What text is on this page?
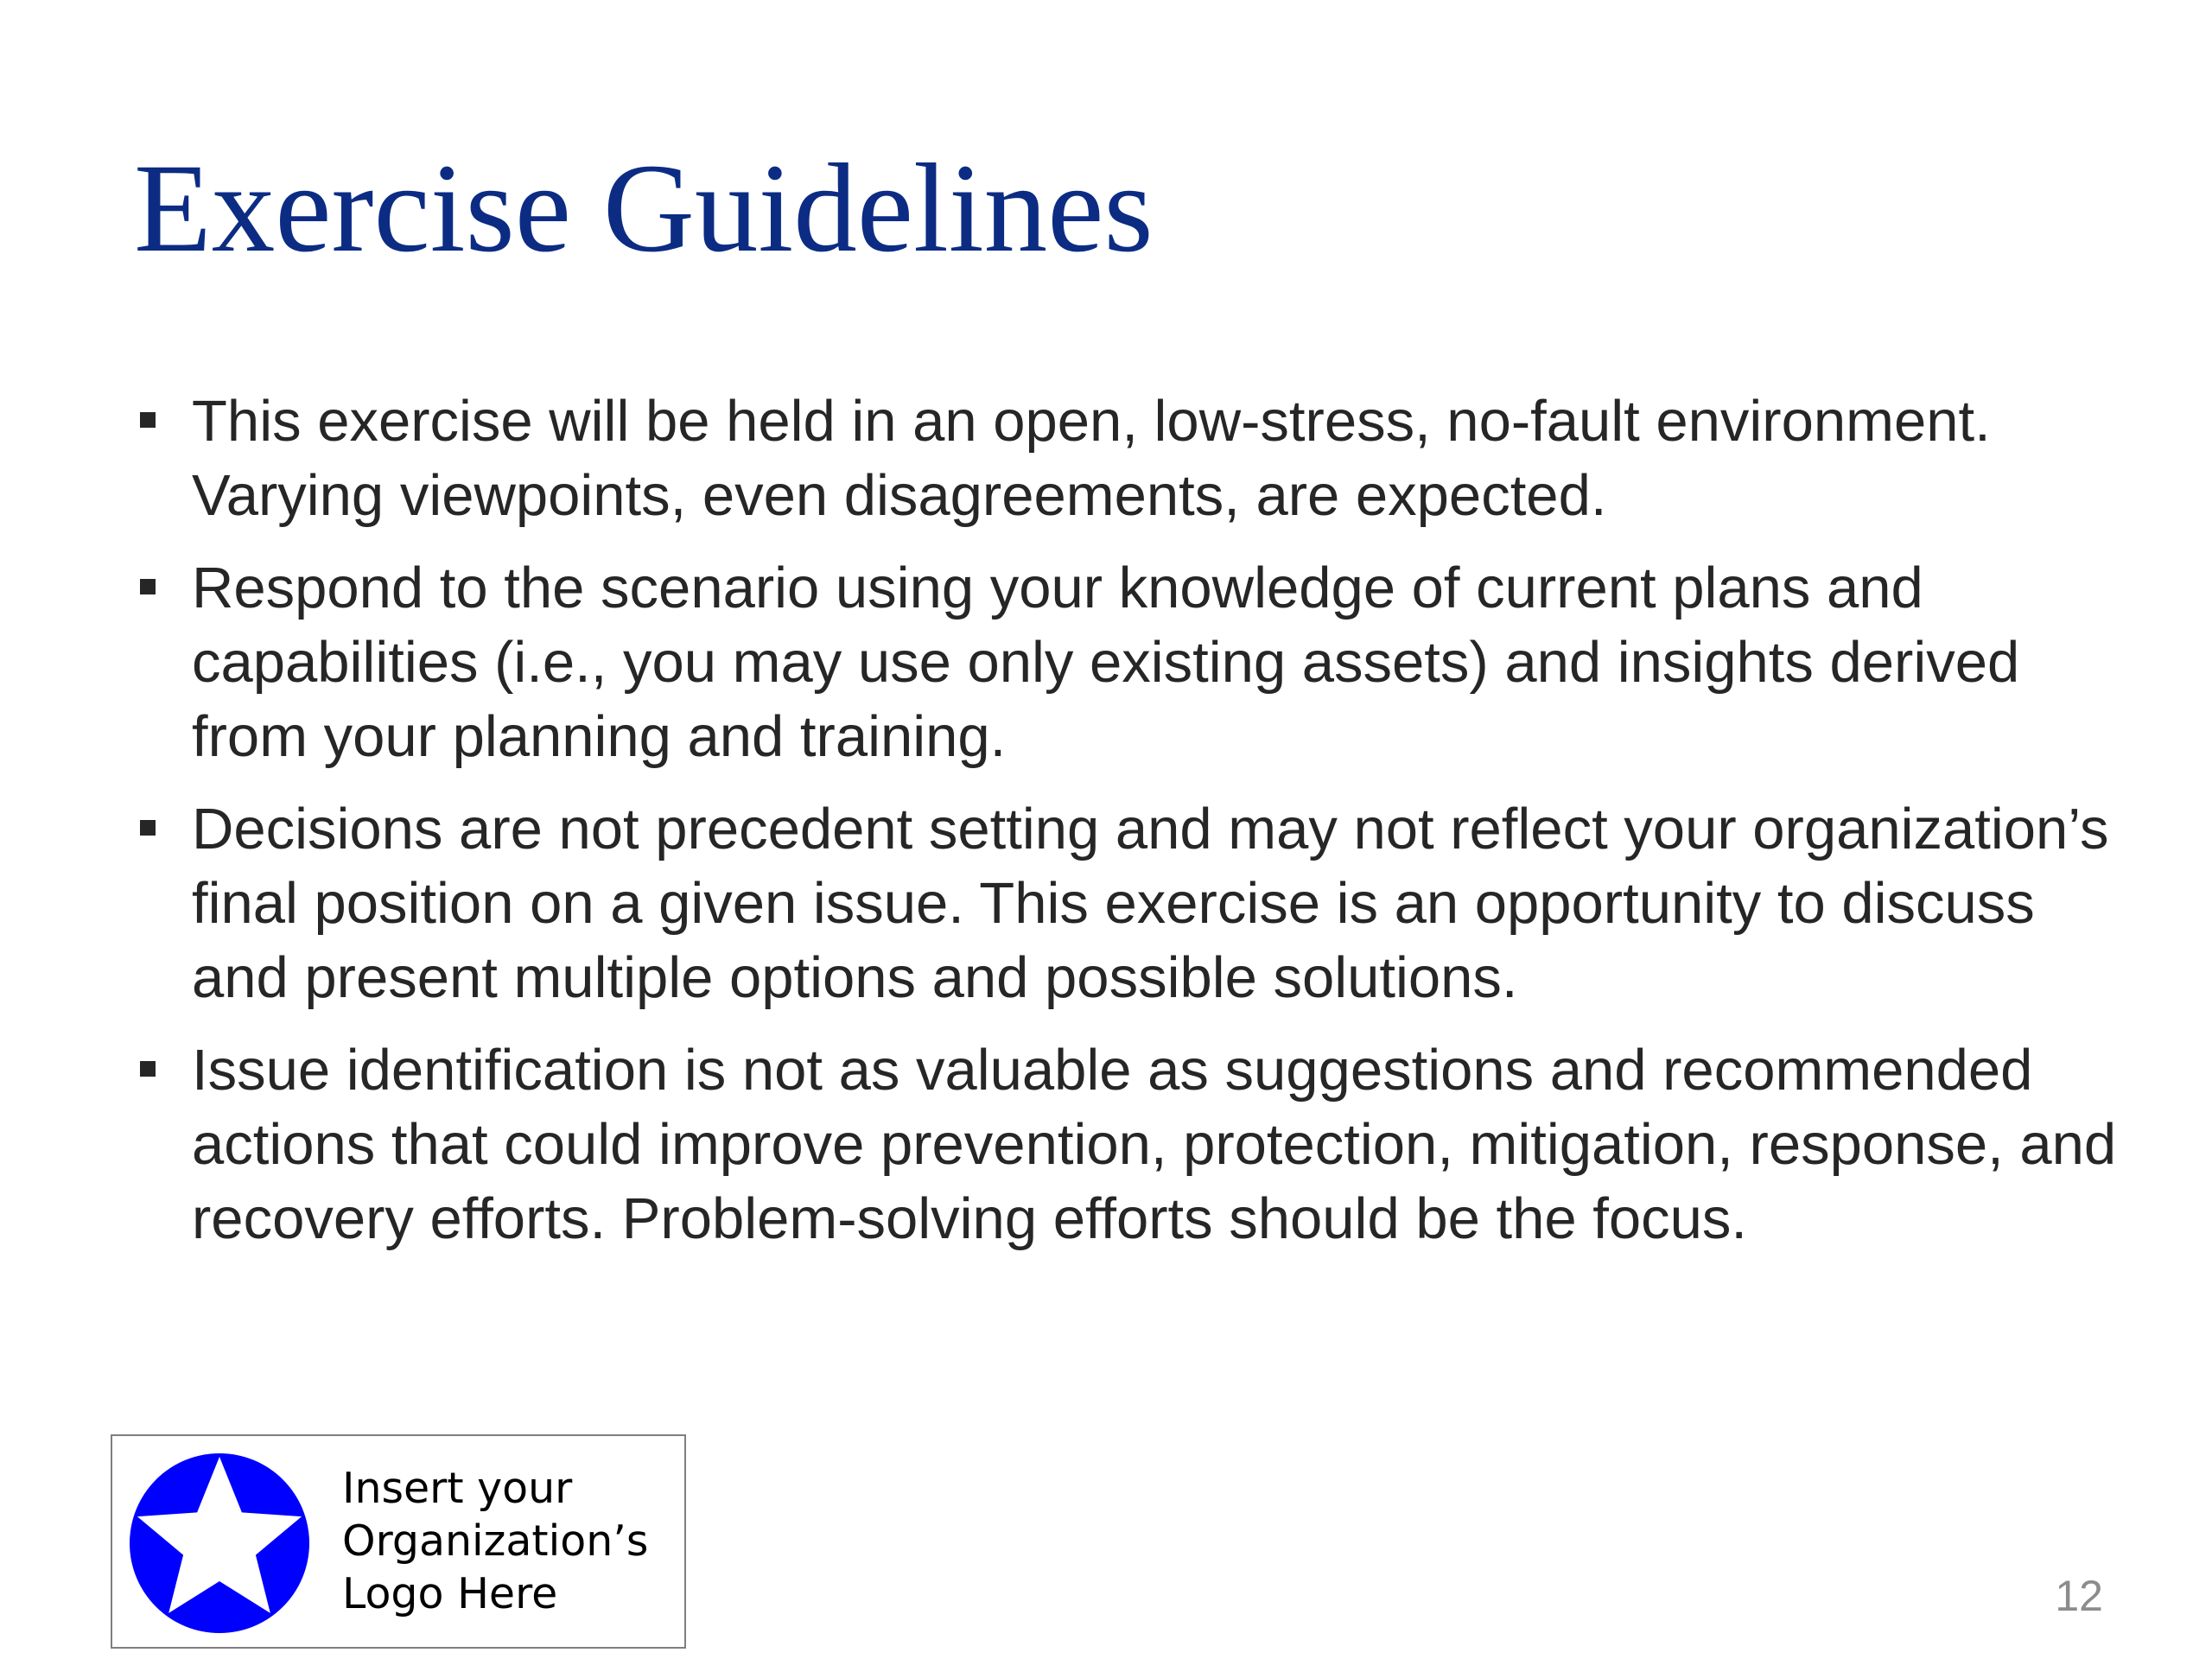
Exercise Guidelines
This exercise will be held in an open, low-stress, no-fault environment. Varying viewpoints, even disagreements, are expected.
Respond to the scenario using your knowledge of current plans and capabilities (i.e., you may use only existing assets) and insights derived from your planning and training.
Decisions are not precedent setting and may not reflect your organization’s final position on a given issue. This exercise is an opportunity to discuss and present multiple options and possible solutions.
Issue identification is not as valuable as suggestions and recommended actions that could improve prevention, protection, mitigation, response, and recovery efforts. Problem-solving efforts should be the focus.
Insert your
Organization’s
Logo Here	12
